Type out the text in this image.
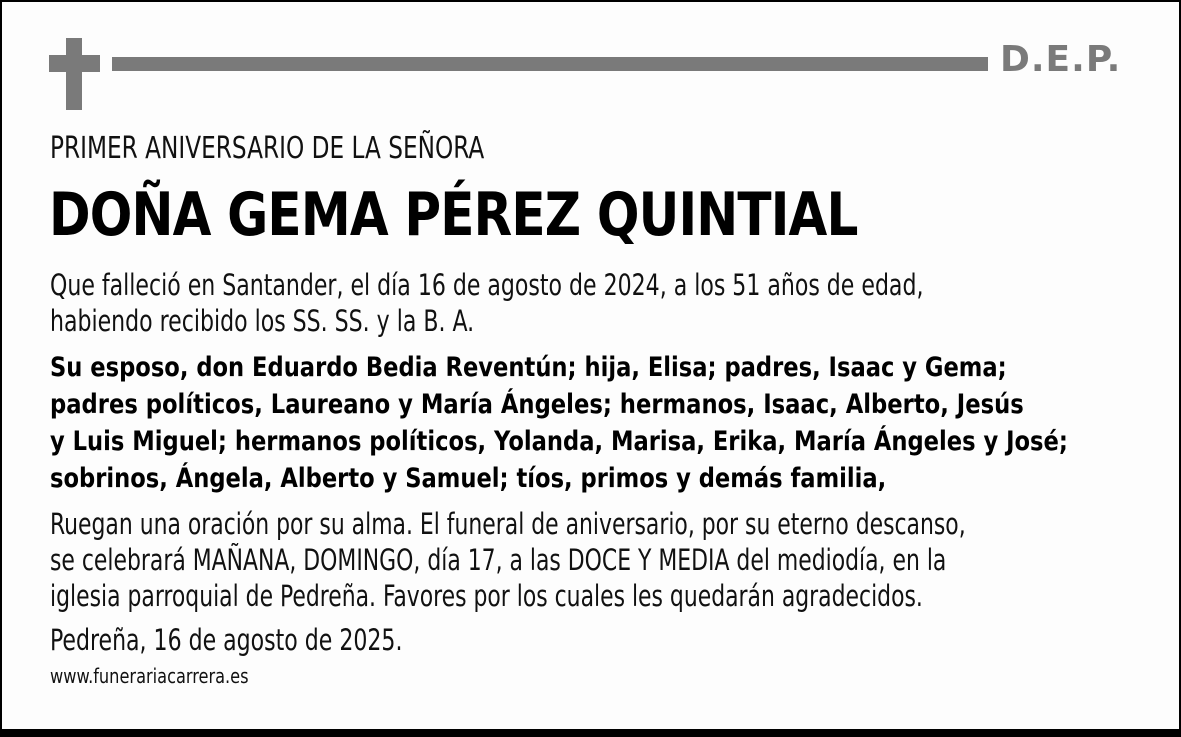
D.E.P.
PRIMER ANIVERSARIO DE LA SEÑORA
DOÑA GEMA PÉREZ QUINTIAL
Que falleció en Santander, el día 16 de agosto de 2024, a los 51 años de edad,
habiendo recibido los SS. SS. y la B. A.
Su esposo, don Eduardo Bedia Reventún; hija, Elisa; padres, Isaac y Gema;
padres políticos, Laureano y María Ángeles; hermanos, Isaac, Alberto, Jesús
y Luis Miguel; hermanos políticos, Yolanda, Marisa, Erika, María Ángeles y José;
sobrinos, Ángela, Alberto y Samuel; tíos, primos y demás familia,
Ruegan una oración por su alma. El funeral de aniversario, por su eterno descanso,
se celebrará MAÑANA, DOMINGO, día 17, a las DOCE Y MEDIA del mediodía, en la
iglesia parroquial de Pedreña. Favores por los cuales les quedarán agradecidos.
Pedreña, 16 de agosto de 2025.
www.funerariacarrera.es
